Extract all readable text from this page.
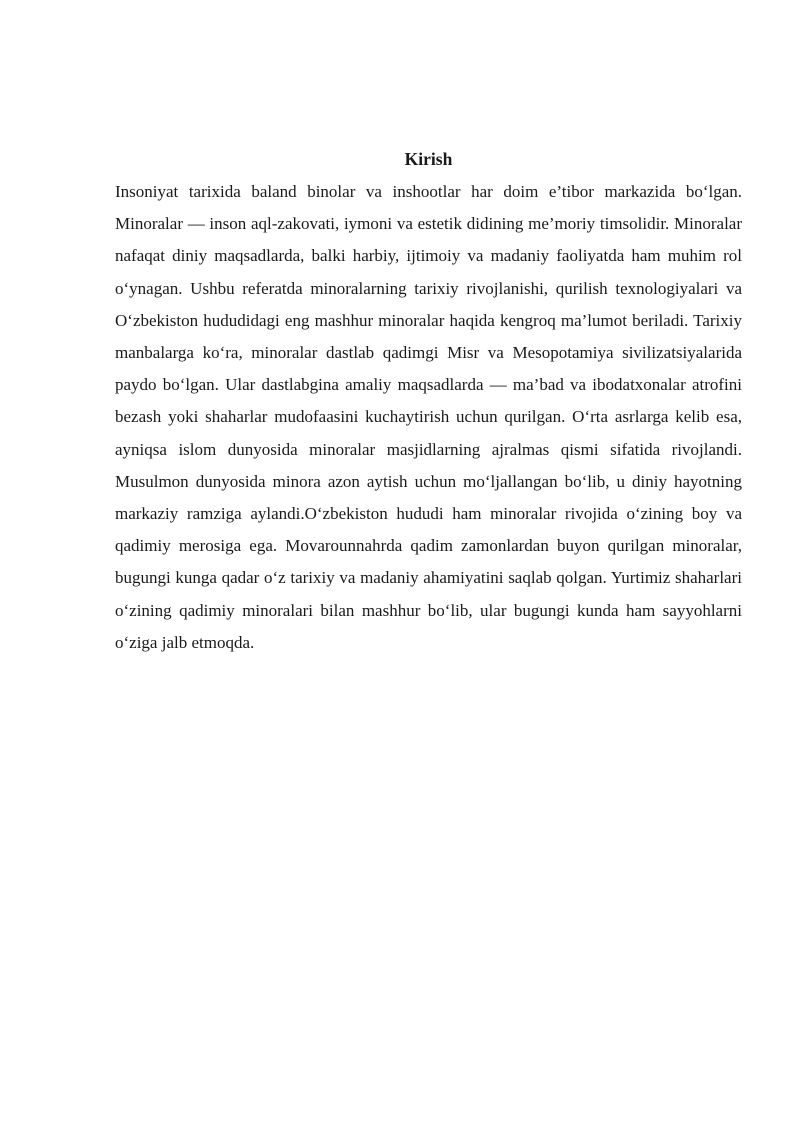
Kirish

Insoniyat tarixida baland binolar va inshootlar har doim e’tibor markazida bo‘lgan. Minoralar — inson aql-zakovati, iymoni va estetik didining me’moriy timsolidir. Minoralar nafaqat diniy maqsadlarda, balki harbiy, ijtimoiy va madaniy faoliyatda ham muhim rol o‘ynagan. Ushbu referatda minoralarning tarixiy rivojlanishi, qurilish texnologiyalari va O‘zbekiston hududidagi eng mashhur minoralar haqida kengroq ma’lumot beriladi. Tarixiy manbalarga ko‘ra, minoralar dastlab qadimgi Misr va Mesopotamiya sivilizatsiyalarida paydo bo‘lgan. Ular dastlabgina amaliy maqsadlarda — ma’bad va ibodatxonalar atrofini bezash yoki shaharlar mudofaasini kuchaytirish uchun qurilgan. O‘rta asrlarga kelib esa, ayniqsa islom dunyosida minoralar masjidlarning ajralmas qismi sifatida rivojlandi. Musulmon dunyosida minora azon aytish uchun mo‘ljallangan bo‘lib, u diniy hayotning markaziy ramziga aylandi.O‘zbekiston hududi ham minoralar rivojida o‘zining boy va qadimiy merosiga ega. Movarounnahrda qadim zamonlardan buyon qurilgan minoralar, bugungi kunga qadar o‘z tarixiy va madaniy ahamiyatini saqlab qolgan. Yurtimiz shaharlari o‘zining qadimiy minoralari bilan mashhur bo‘lib, ular bugungi kunda ham sayyohlarni o‘ziga jalb etmoqda.
